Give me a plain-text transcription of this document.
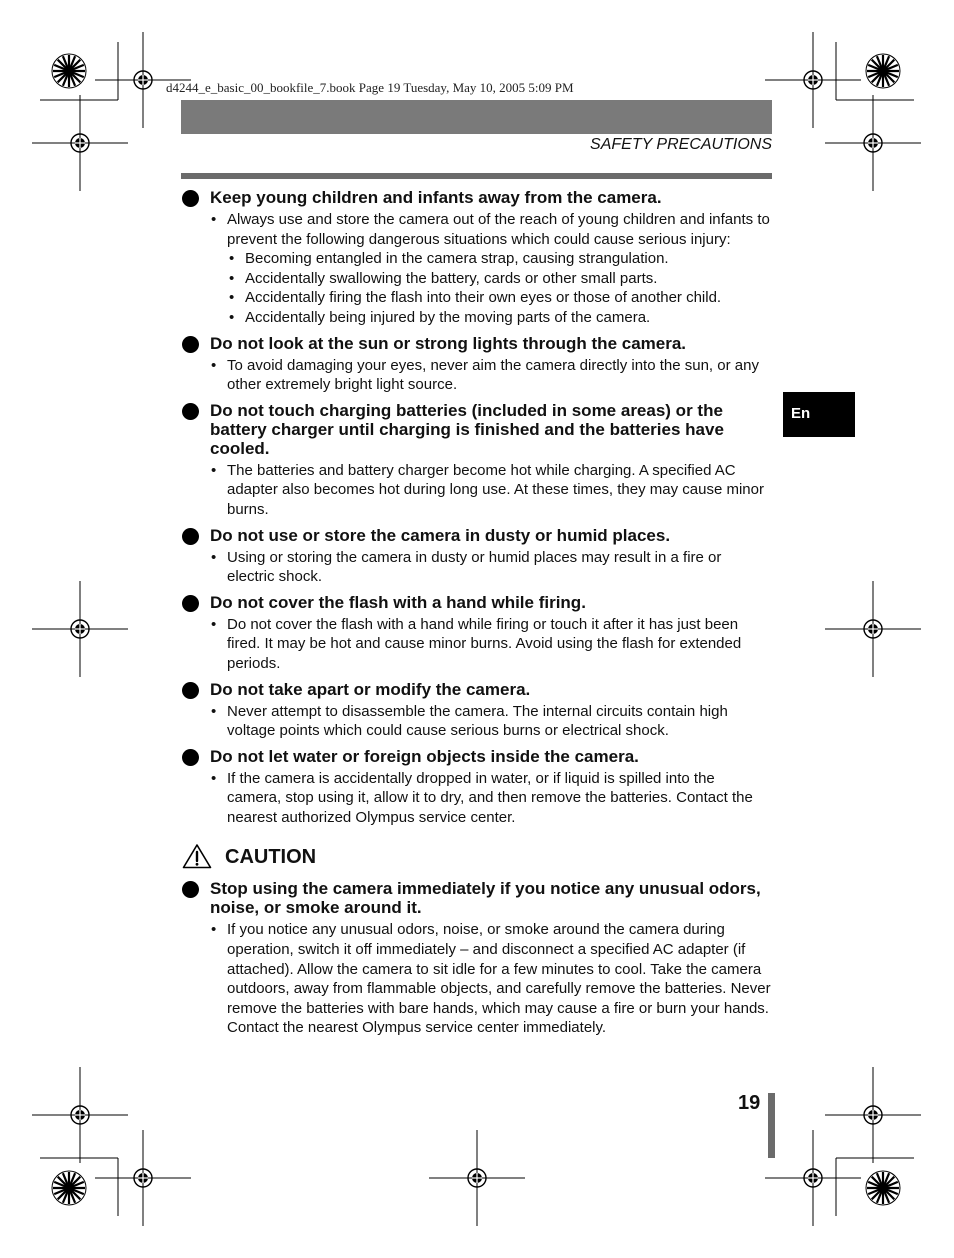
d4244_e_basic_00_bookfile_7.book Page 19 Tuesday, May 10, 2005 5:09 PM
SAFETY PRECAUTIONS
En
Keep young children and infants away from the camera.
• Always use and store the camera out of the reach of young children and infants to prevent the following dangerous situations which could cause serious injury:
• Becoming entangled in the camera strap, causing strangulation.
• Accidentally swallowing the battery, cards or other small parts.
• Accidentally firing the flash into their own eyes or those of another child.
• Accidentally being injured by the moving parts of the camera.
Do not look at the sun or strong lights through the camera.
• To avoid damaging your eyes, never aim the camera directly into the sun, or any other extremely bright light source.
Do not touch charging batteries (included in some areas) or the battery charger until charging is finished and the batteries have cooled.
• The batteries and battery charger become hot while charging. A specified AC adapter also becomes hot during long use. At these times, they may cause minor burns.
Do not use or store the camera in dusty or humid places.
• Using or storing the camera in dusty or humid places may result in a fire or electric shock.
Do not cover the flash with a hand while firing.
• Do not cover the flash with a hand while firing or touch it after it has just been fired. It may be hot and cause minor burns. Avoid using the flash for extended periods.
Do not take apart or modify the camera.
• Never attempt to disassemble the camera. The internal circuits contain high voltage points which could cause serious burns or electrical shock.
Do not let water or foreign objects inside the camera.
• If the camera is accidentally dropped in water, or if liquid is spilled into the camera, stop using it, allow it to dry, and then remove the batteries. Contact the nearest authorized Olympus service center.
CAUTION
Stop using the camera immediately if you notice any unusual odors, noise, or smoke around it.
• If you notice any unusual odors, noise, or smoke around the camera during operation, switch it off immediately – and disconnect a specified AC adapter (if attached). Allow the camera to sit idle for a few minutes to cool. Take the camera outdoors, away from flammable objects, and carefully remove the batteries. Never remove the batteries with bare hands, which may cause a fire or burn your hands. Contact the nearest Olympus service center immediately.
19
